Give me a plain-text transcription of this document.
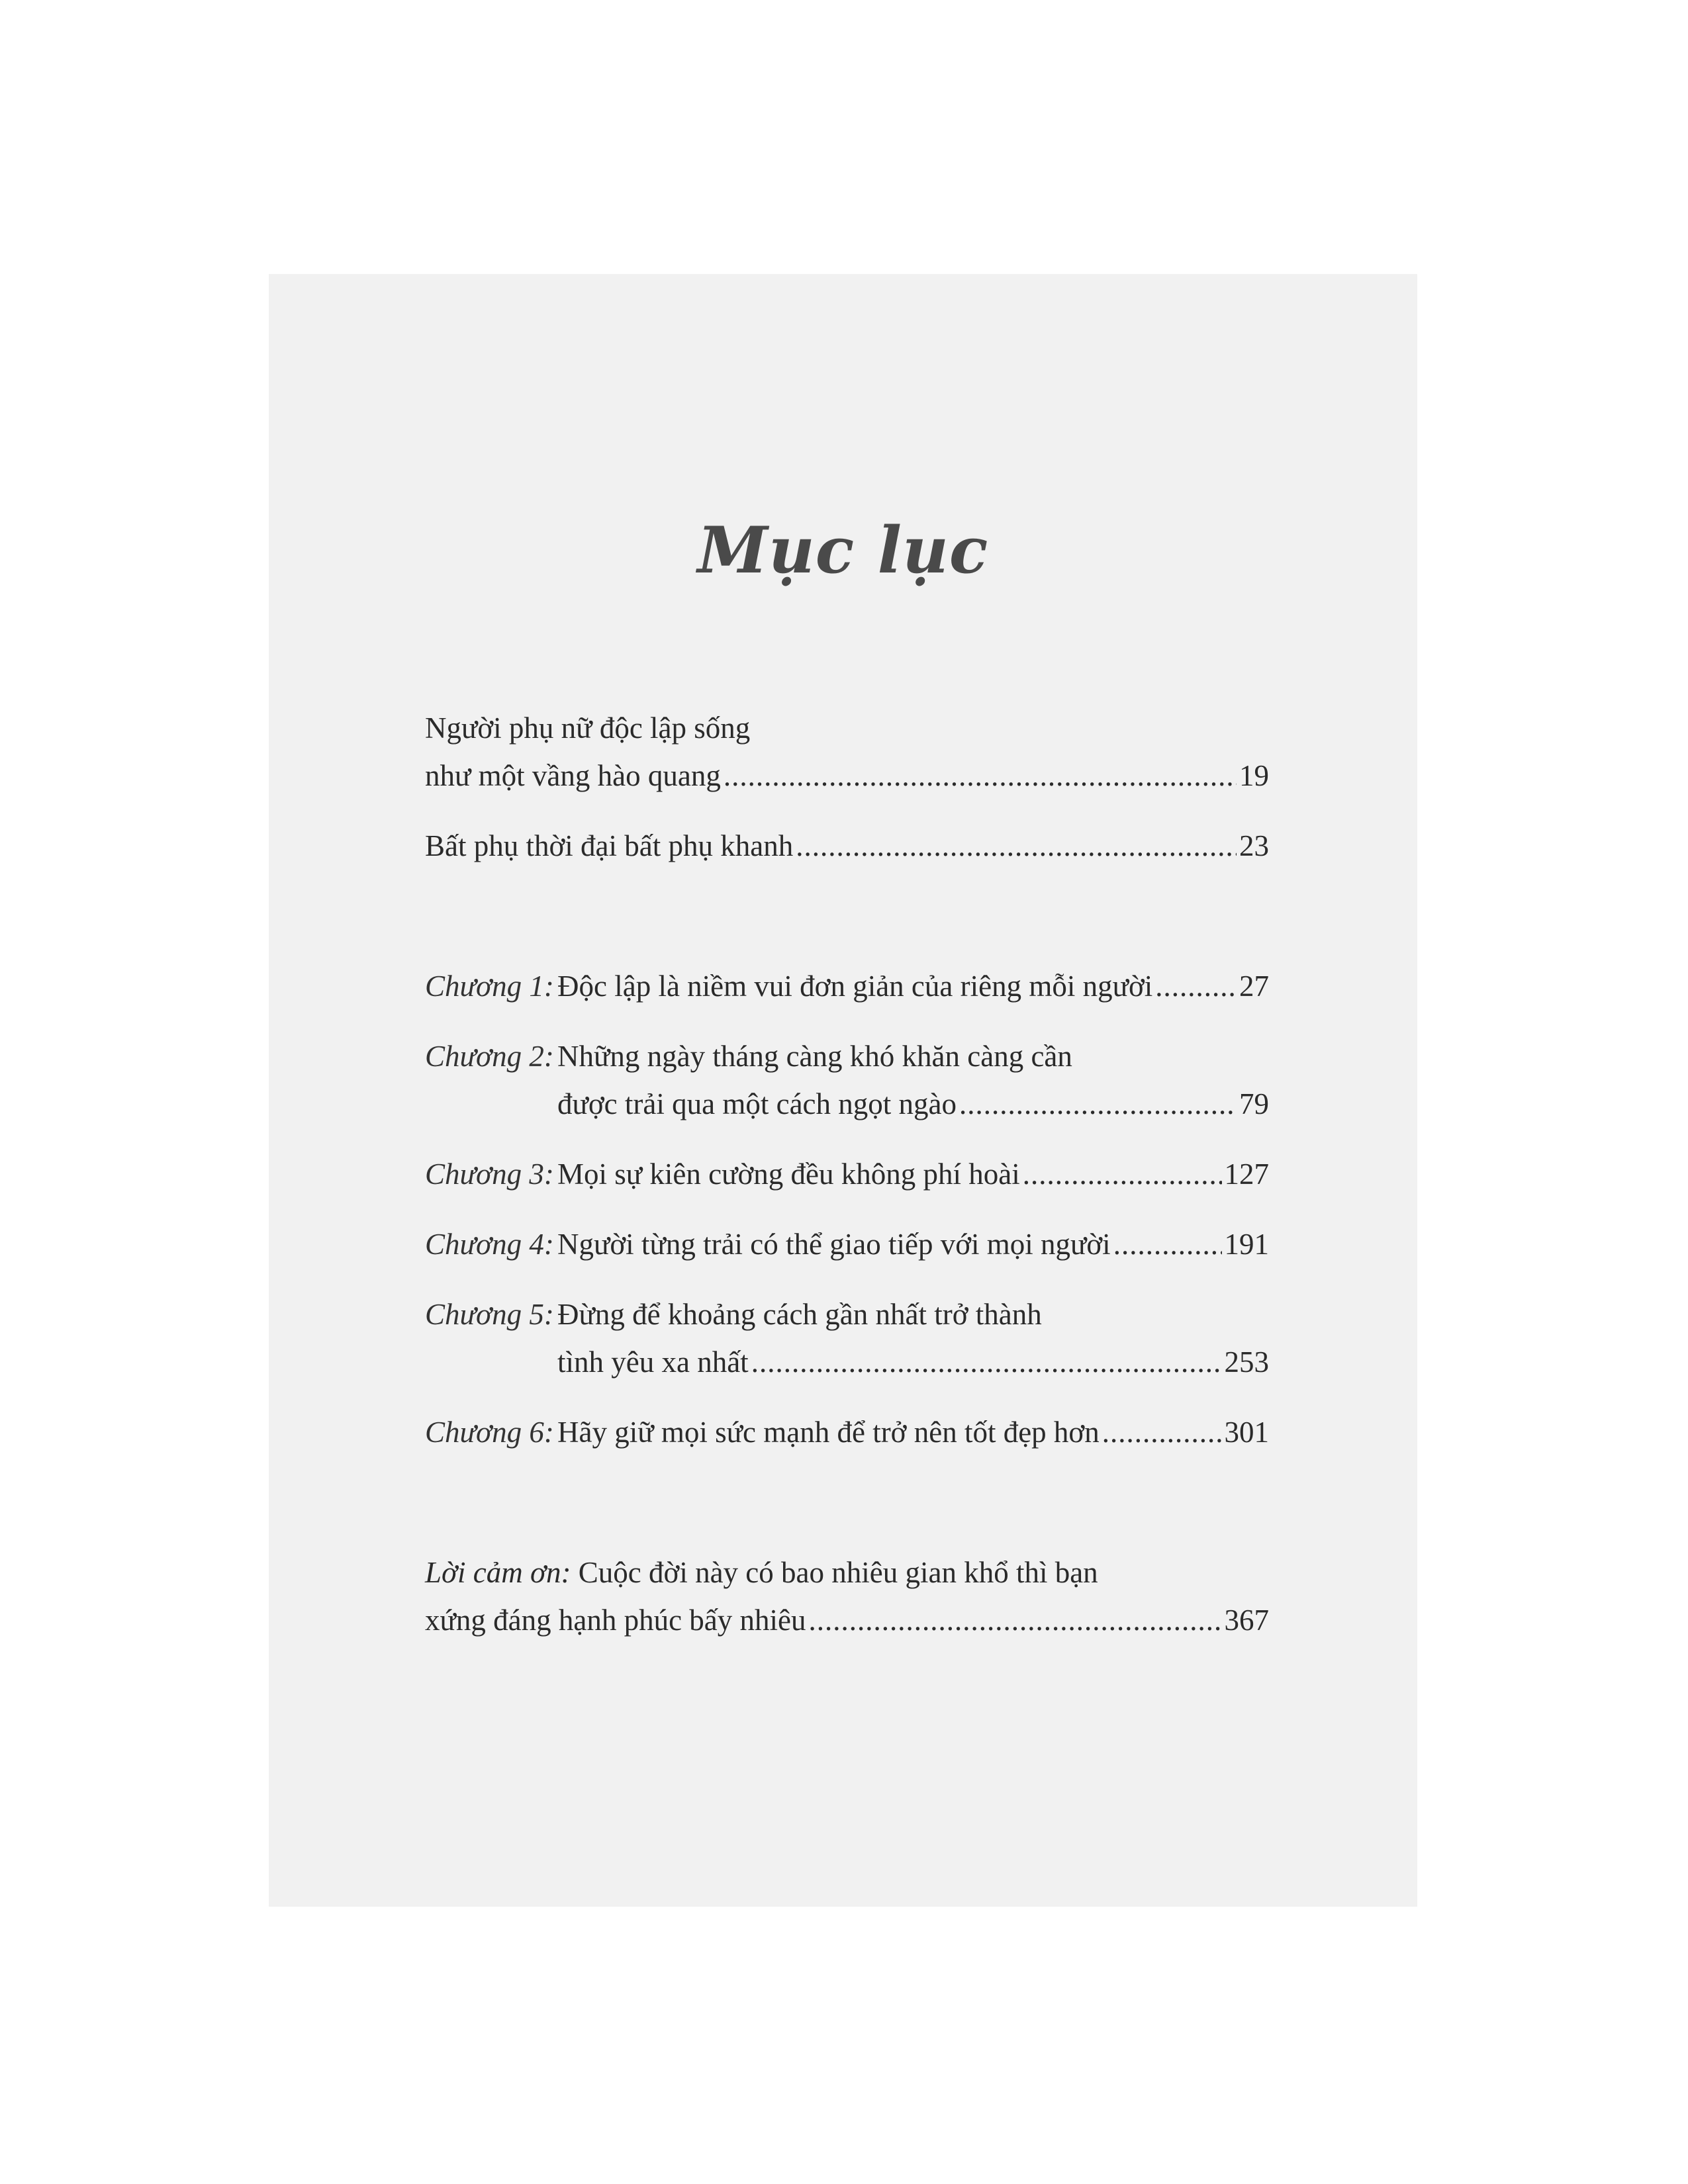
Mục lục
Người phụ nữ độc lập sống
như một vầng hào quang .....	19
Bất phụ thời đại bất phụ khanh .....	23
Chương 1: Độc lập là niềm vui đơn giản của riêng mỗi người .....	27
Chương 2: Những ngày tháng càng khó khăn càng cần
được trải qua một cách ngọt ngào .....	79
Chương 3: Mọi sự kiên cường đều không phí hoài .....	127
Chương 4: Người từng trải có thể giao tiếp với mọi người .....	191
Chương 5: Đừng để khoảng cách gần nhất trở thành
tình yêu xa nhất .....	253
Chương 6: Hãy giữ mọi sức mạnh để trở nên tốt đẹp hơn .....	301
Lời cảm ơn: Cuộc đời này có bao nhiêu gian khổ thì bạn
xứng đáng hạnh phúc bấy nhiêu .....	367
